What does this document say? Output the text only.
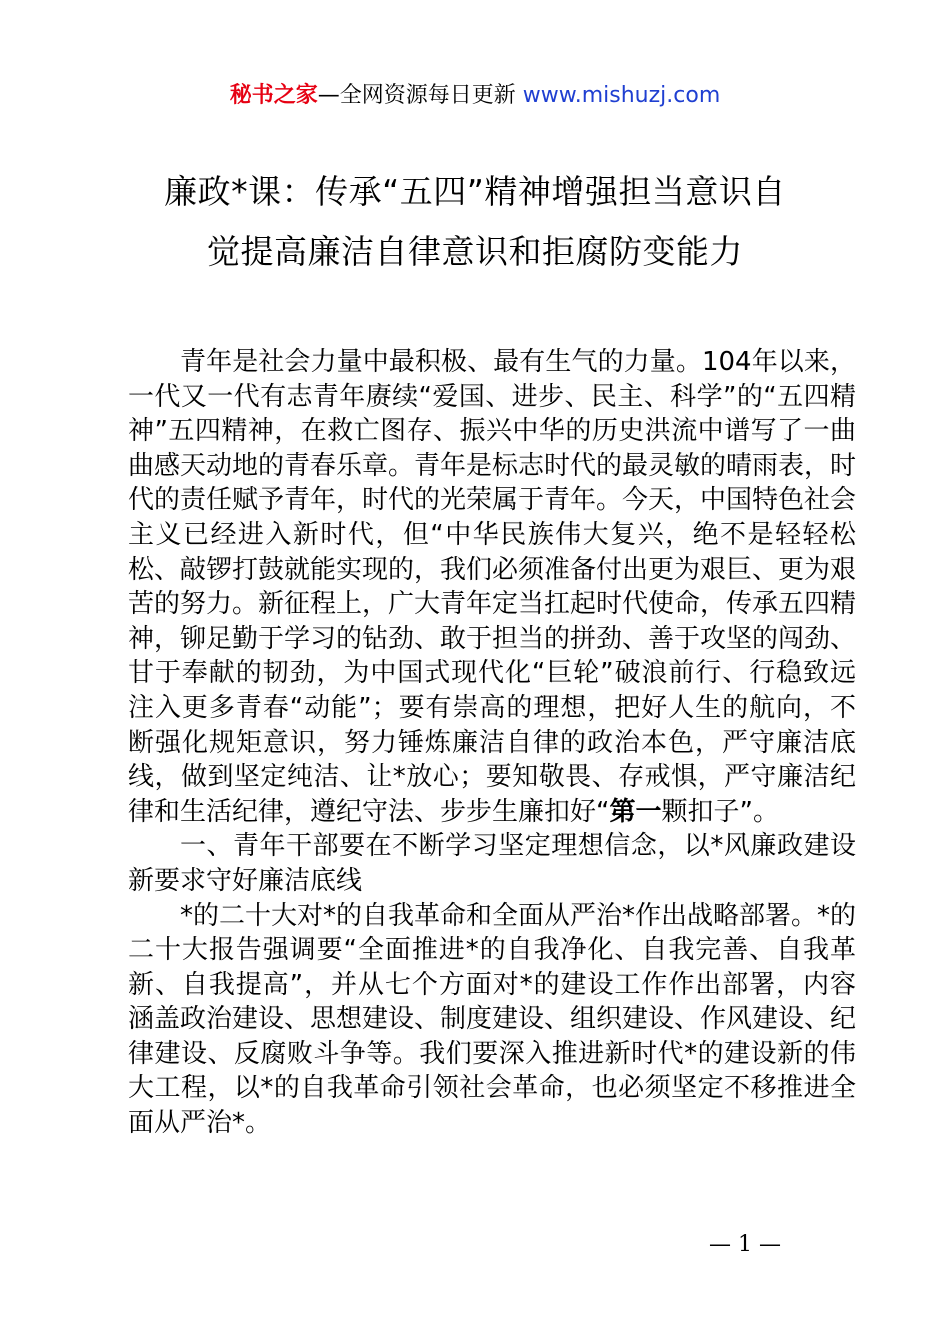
秘书之家—全网资源每日更新 www.mishuzj.com
廉政*课：传承“五四”精神增强担当意识自
觉提高廉洁自律意识和拒腐防变能力

青年是社会力量中最积极、最有生气的力量。104年以来，一代又一代有志青年赓续“爱国、进步、民主、科学”的“五四精神”五四精神，在救亡图存、振兴中华的历史洪流中谱写了一曲曲感天动地的青春乐章。青年是标志时代的最灵敏的晴雨表，时代的责任赋予青年，时代的光荣属于青年。今天，中国特色社会主义已经进入新时代，但“中华民族伟大复兴，绝不是轻轻松松、敲锣打鼓就能实现的，我们必须准备付出更为艰巨、更为艰苦的努力。新征程上，广大青年定当扛起时代使命，传承五四精神，铆足勤于学习的钻劲、敢于担当的拼劲、善于攻坚的闯劲、甘于奉献的韧劲，为中国式现代化“巨轮”破浪前行、行稳致远注入更多青春“动能”；要有崇高的理想，把好人生的航向，不断强化规矩意识，努力锤炼廉洁自律的政治本色，严守廉洁底线，做到坚定纯洁、让*放心；要知敬畏、存戒惧，严守廉洁纪律和生活纪律，遵纪守法、步步生廉扣好“第一颗扣子”。

一、青年干部要在不断学习坚定理想信念，以*风廉政建设新要求守好廉洁底线

*的二十大对*的自我革命和全面从严治*作出战略部署。*的二十大报告强调要“全面推进*的自我净化、自我完善、自我革新、自我提高”，并从七个方面对*的建设工作作出部署，内容涵盖政治建设、思想建设、制度建设、组织建设、作风建设、纪律建设、反腐败斗争等。我们要深入推进新时代*的建设新的伟大工程，以*的自我革命引领社会革命，也必须坚定不移推进全面从严治*。

— 1 —
